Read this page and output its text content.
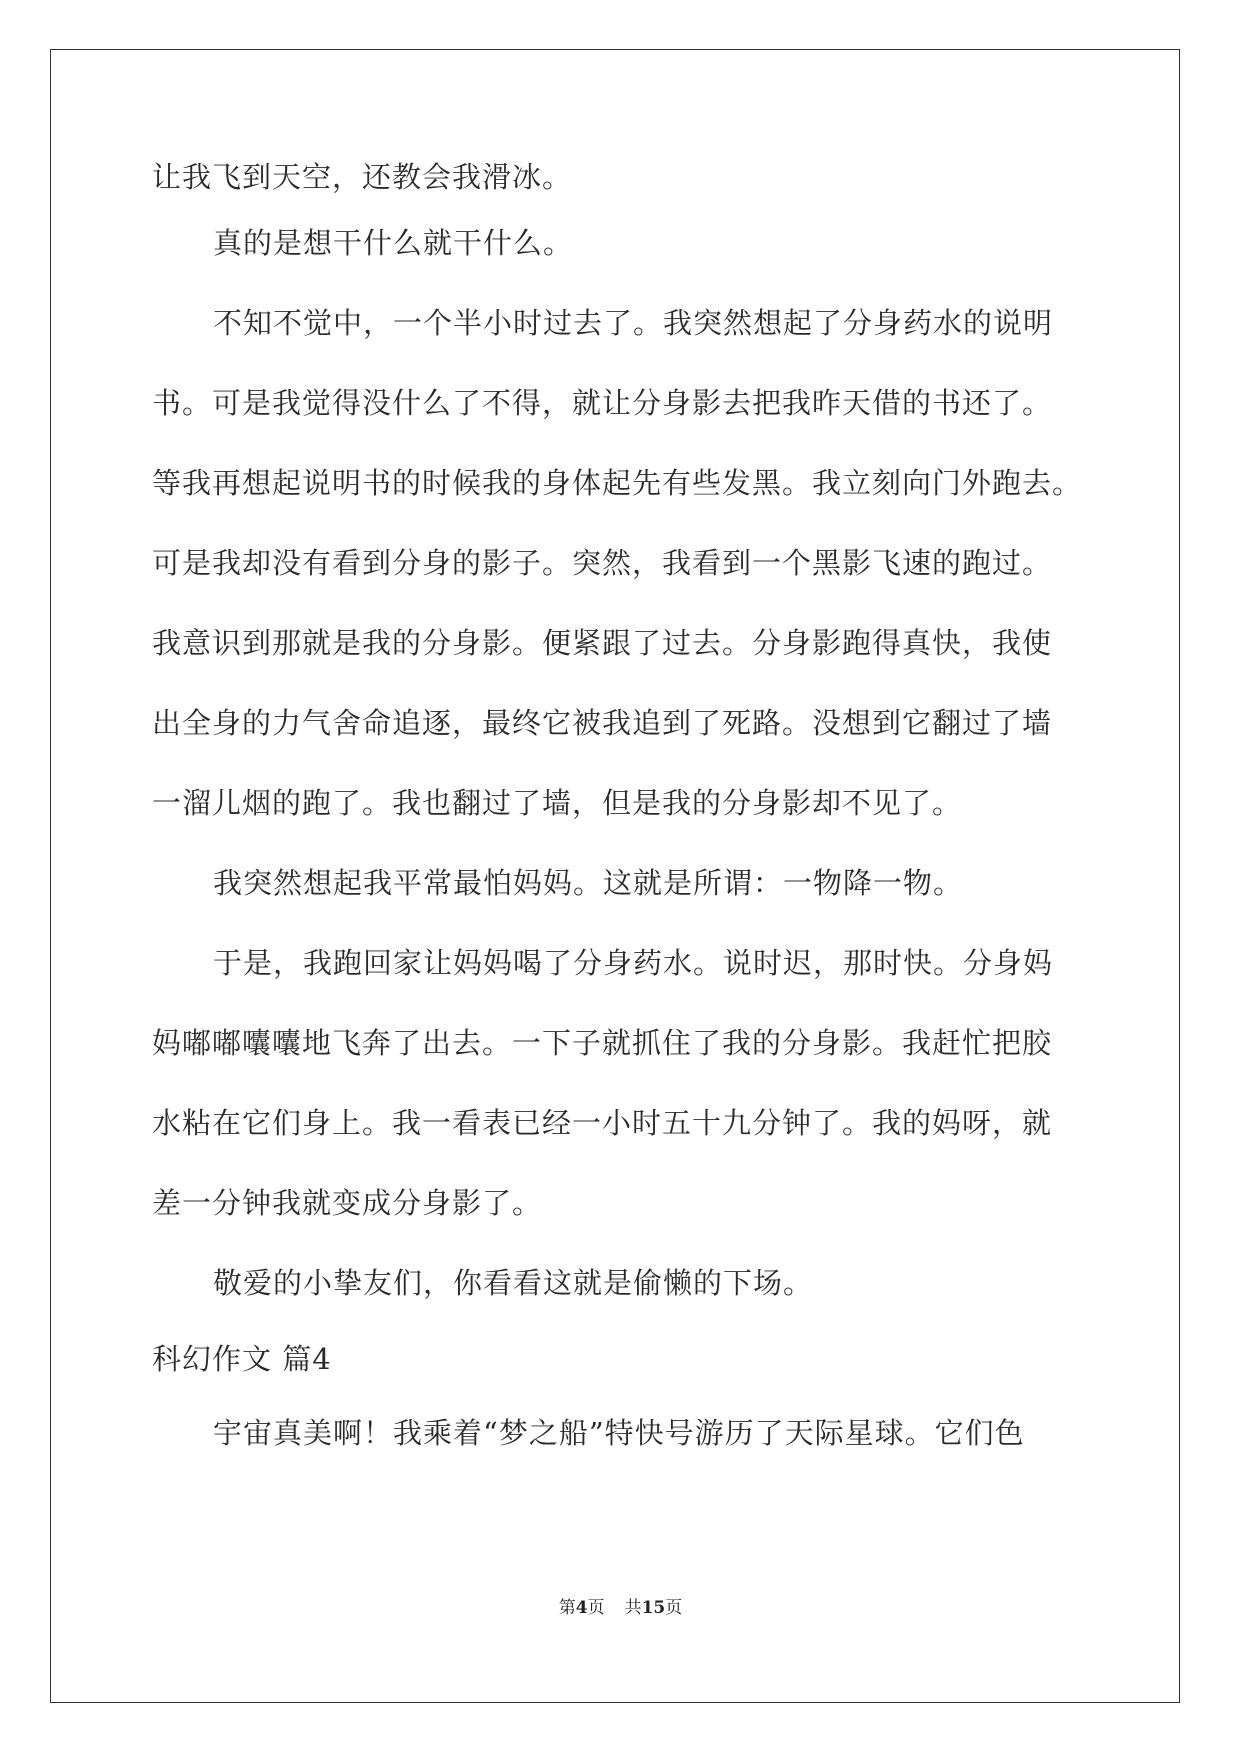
让我飞到天空，还教会我滑冰。

真的是想干什么就干什么。

不知不觉中，一个半小时过去了。我突然想起了分身药水的说明

书。可是我觉得没什么了不得，就让分身影去把我昨天借的书还了。

等我再想起说明书的时候我的身体起先有些发黑。我立刻向门外跑去。

可是我却没有看到分身的影子。突然，我看到一个黑影飞速的跑过。

我意识到那就是我的分身影。便紧跟了过去。分身影跑得真快，我使

出全身的力气舍命追逐，最终它被我追到了死路。没想到它翻过了墙

一溜儿烟的跑了。我也翻过了墙，但是我的分身影却不见了。

我突然想起我平常最怕妈妈。这就是所谓：一物降一物。

于是，我跑回家让妈妈喝了分身药水。说时迟，那时快。分身妈

妈嘟嘟囔囔地飞奔了出去。一下子就抓住了我的分身影。我赶忙把胶

水粘在它们身上。我一看表已经一小时五十九分钟了。我的妈呀，就

差一分钟我就变成分身影了。

敬爱的小挚友们，你看看这就是偷懒的下场。

科幻作文 篇4

宇宙真美啊！我乘着“梦之船”特快号游历了天际星球。它们色

第4页 共15页
